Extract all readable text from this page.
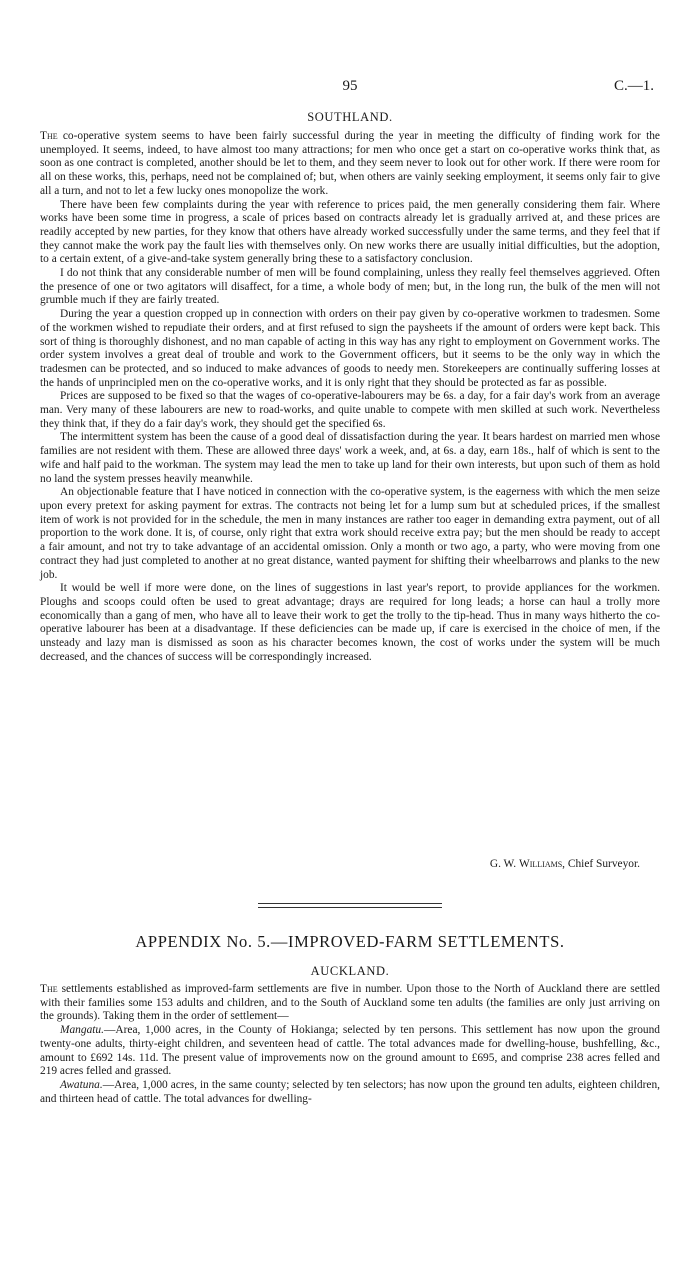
95	C.—1.
SOUTHLAND.

The co-operative system seems to have been fairly successful during the year in meeting the difficulty of finding work for the unemployed. It seems, indeed, to have almost too many attractions; for men who once get a start on co-operative works think that, as soon as one contract is completed, another should be let to them, and they seem never to look out for other work. If there were room for all on these works, this, perhaps, need not be complained of; but, when others are vainly seeking employment, it seems only fair to give all a turn, and not to let a few lucky ones monopolize the work.

There have been few complaints during the year with reference to prices paid, the men generally considering them fair. Where works have been some time in progress, a scale of prices based on contracts already let is gradually arrived at, and these prices are readily accepted by new parties, for they know that others have already worked successfully under the same terms, and they feel that if they cannot make the work pay the fault lies with themselves only. On new works there are usually initial difficulties, but the adoption, to a certain extent, of a give-and-take system generally bring these to a satisfactory conclusion.

I do not think that any considerable number of men will be found complaining, unless they really feel themselves aggrieved. Often the presence of one or two agitators will disaffect, for a time, a whole body of men; but, in the long run, the bulk of the men will not grumble much if they are fairly treated.

During the year a question cropped up in connection with orders on their pay given by co-operative workmen to tradesmen. Some of the workmen wished to repudiate their orders, and at first refused to sign the paysheets if the amount of orders were kept back. This sort of thing is thoroughly dishonest, and no man capable of acting in this way has any right to employment on Government works. The order system involves a great deal of trouble and work to the Government officers, but it seems to be the only way in which the tradesmen can be protected, and so induced to make advances of goods to needy men. Storekeepers are continually suffering losses at the hands of unprincipled men on the co-operative works, and it is only right that they should be protected as far as possible.

Prices are supposed to be fixed so that the wages of co-operative-labourers may be 6s. a day, for a fair day's work from an average man. Very many of these labourers are new to road-works, and quite unable to compete with men skilled at such work. Nevertheless they think that, if they do a fair day's work, they should get the specified 6s.

The intermittent system has been the cause of a good deal of dissatisfaction during the year. It bears hardest on married men whose families are not resident with them. These are allowed three days' work a week, and, at 6s. a day, earn 18s., half of which is sent to the wife and half paid to the workman. The system may lead the men to take up land for their own interests, but upon such of them as hold no land the system presses heavily meanwhile.

An objectionable feature that I have noticed in connection with the co-operative system, is the eagerness with which the men seize upon every pretext for asking payment for extras. The contracts not being let for a lump sum but at scheduled prices, if the smallest item of work is not provided for in the schedule, the men in many instances are rather too eager in demanding extra payment, out of all proportion to the work done. It is, of course, only right that extra work should receive extra pay; but the men should be ready to accept a fair amount, and not try to take advantage of an accidental omission. Only a month or two ago, a party, who were moving from one contract they had just completed to another at no great distance, wanted payment for shifting their wheelbarrows and planks to the new job.

It would be well if more were done, on the lines of suggestions in last year's report, to provide appliances for the workmen. Ploughs and scoops could often be used to great advantage; drays are required for long leads; a horse can haul a trolly more economically than a gang of men, who have all to leave their work to get the trolly to the tip-head. Thus in many ways hitherto the co-operative labourer has been at a disadvantage. If these deficiencies can be made up, if care is exercised in the choice of men, if the unsteady and lazy man is dismissed as soon as his character becomes known, the cost of works under the system will be much decreased, and the chances of success will be correspondingly increased.

G. W. Williams, Chief Surveyor.
APPENDIX No. 5.—IMPROVED-FARM SETTLEMENTS.
AUCKLAND.

The settlements established as improved-farm settlements are five in number. Upon those to the North of Auckland there are settled with their families some 153 adults and children, and to the South of Auckland some ten adults (the families are only just arriving on the grounds). Taking them in the order of settlement—

Mangatu.—Area, 1,000 acres, in the County of Hokianga; selected by ten persons. This settlement has now upon the ground twenty-one adults, thirty-eight children, and seventeen head of cattle. The total advances made for dwelling-house, bushfelling, &c., amount to £692 14s. 11d. The present value of improvements now on the ground amount to £695, and comprise 238 acres felled and 219 acres felled and grassed.

Awatuna.—Area, 1,000 acres, in the same county; selected by ten selectors; has now upon the ground ten adults, eighteen children, and thirteen head of cattle. The total advances for dwelling-
